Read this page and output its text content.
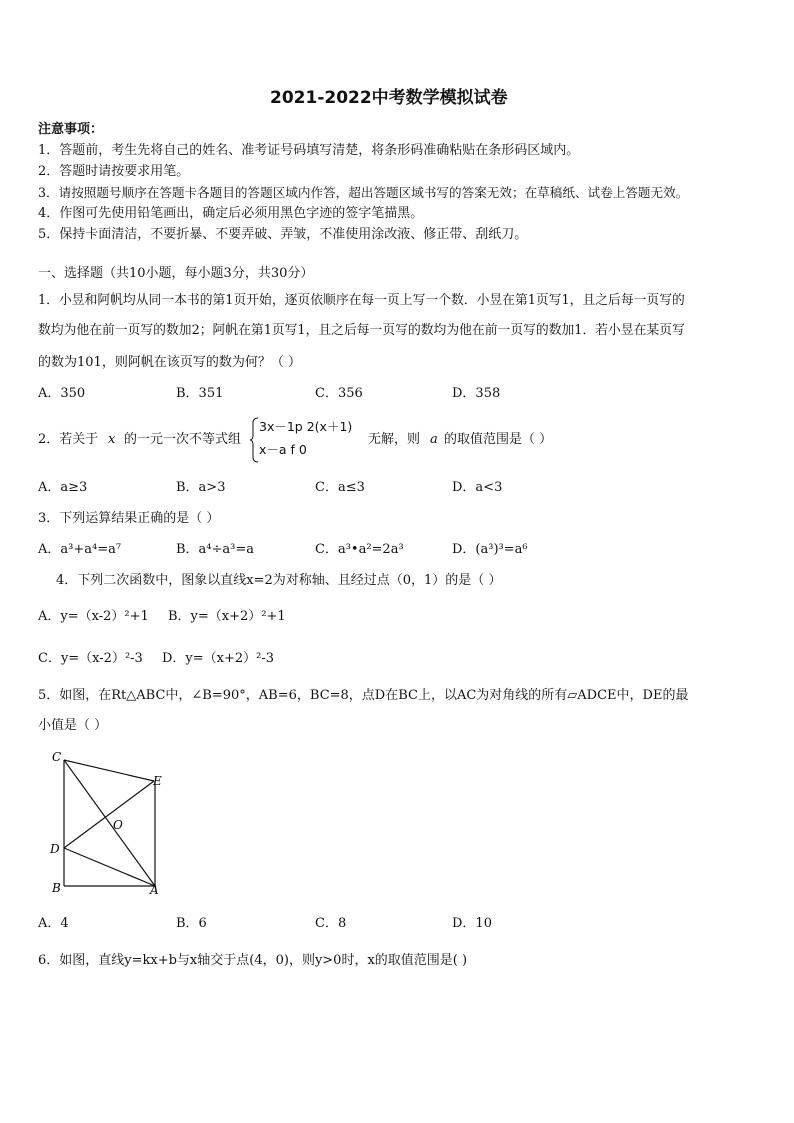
2021-2022中考数学模拟试卷
注意事项：
1．答题前，考生先将自己的姓名、准考证号码填写清楚，将条形码准确粘贴在条形码区域内。
2．答题时请按要求用笔。
3．请按照题号顺序在答题卡各题目的答题区域内作答，超出答题区域书写的答案无效；在草稿纸、试卷上答题无效。
4．作图可先使用铅笔画出，确定后必须用黑色字迹的签字笔描黑。
5．保持卡面清洁，不要折暴、不要弄破、弄皱，不准使用涂改液、修正带、刮纸刀。
一、选择题（共10小题，每小题3分，共30分）
1．小昱和阿帆均从同一本书的第1页开始，逐页依顺序在每一页上写一个数．小昱在第1页写1，且之后每一页写的
数均为他在前一页写的数加2；阿帆在第1页写1，且之后每一页写的数均为他在前一页写的数加1．若小昱在某页写
的数为101，则阿帆在该页写的数为何？（ ）
A．350	B．351	C．356	D．358
2．若关于 x 的一元一次不等式组
3x－1p 2(x＋1)
x－a f 0
无解，则 a 的取值范围是（ ）
A．a≥3	B．a>3	C．a≤3	D．a<3
3．下列运算结果正确的是（ ）
A．a³+a⁴=a⁷	B．a⁴÷a³=a	C．a³•a²=2a³	D．(a³)³=a⁶
4．下列二次函数中，图象以直线x=2为对称轴、且经过点（0，1）的是（ ）
A．y=（x-2）²+1 B．y=（x+2）²+1
C．y=（x-2）²-3 D．y=（x+2）²-3
5．如图，在Rt△ABC中，∠B=90°，AB=6，BC=8，点D在BC上，以AC为对角线的所有▱ADCE中，DE的最
小值是（ ）
C
E
O
D
B	A
A．4	B．6	C．8	D．10
6．如图，直线y=kx+b与x轴交于点(4，0)，则y>0时，x的取值范围是( )
